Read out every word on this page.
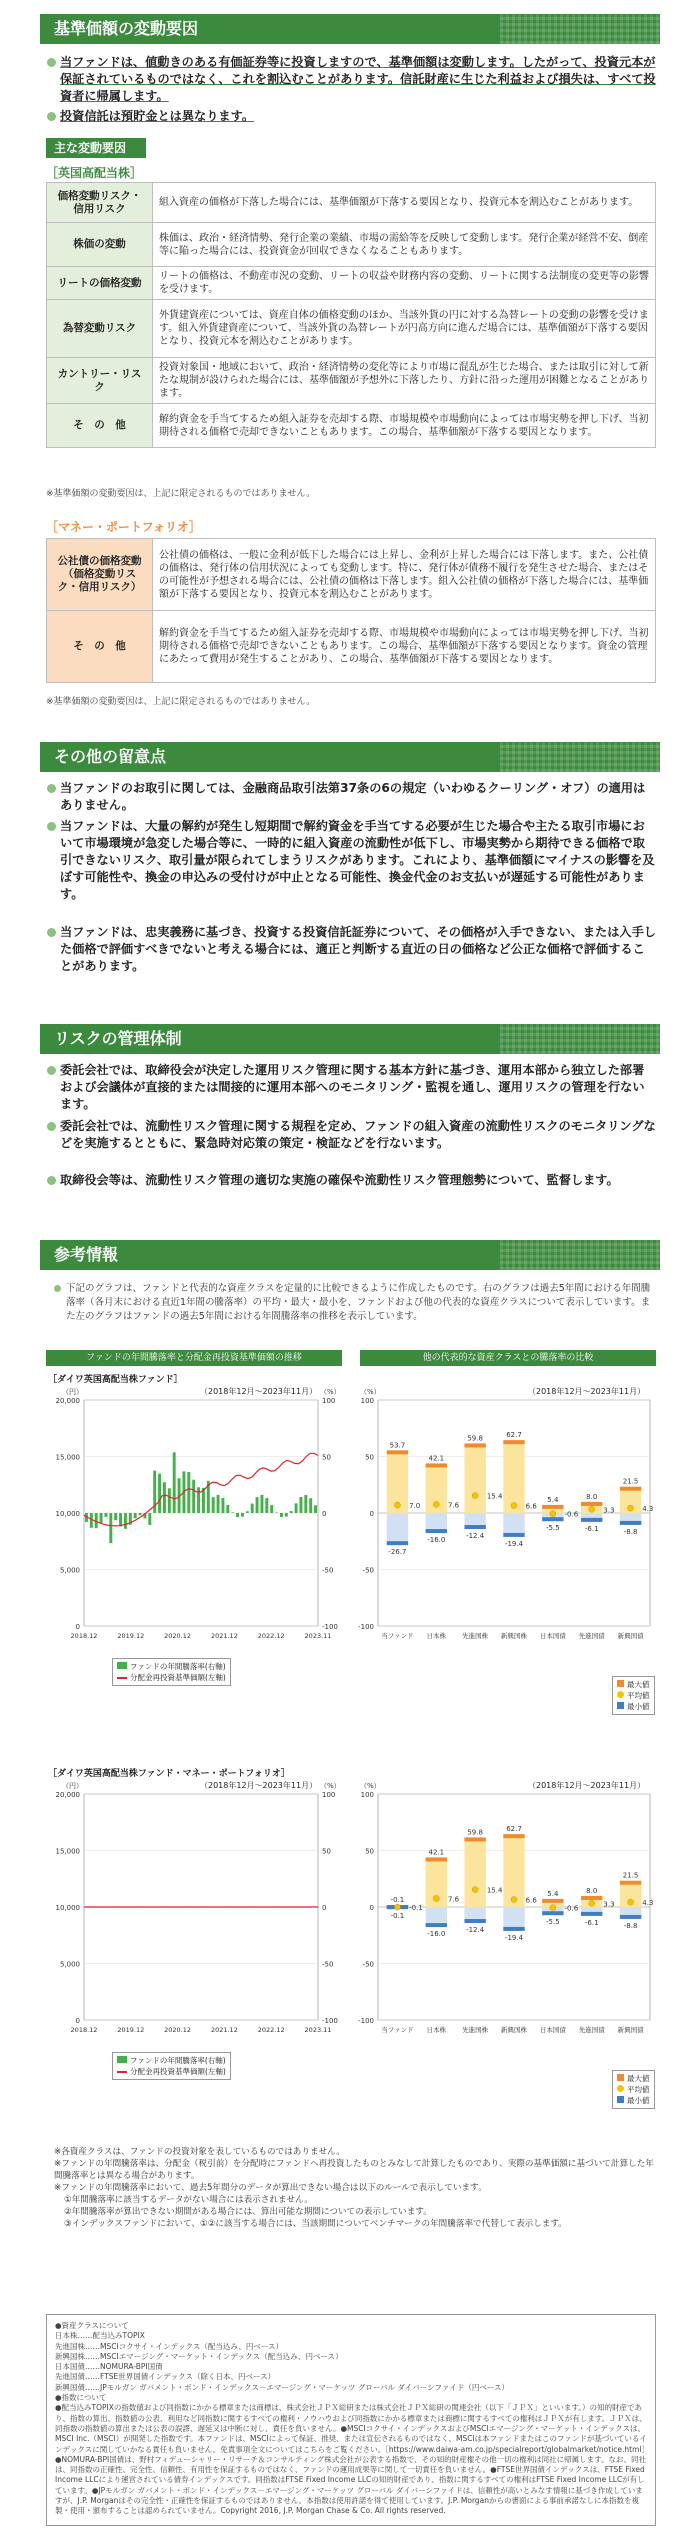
基準価額の変動要因
当ファンドは、値動きのある有価証券等に投資しますので、基準価額は変動します。したがって、投資元本が保証されているものではなく、これを割込むことがあります。信託財産に生じた利益および損失は、すべて投資者に帰属します。
投資信託は預貯金とは異なります。
主な変動要因
［英国高配当株］
価格変動リスク・信用リスク	組入資産の価格が下落した場合には、基準価額が下落する要因となり、投資元本を割込むことがあります。
株価の変動	株価は、政治・経済情勢、発行企業の業績、市場の需給等を反映して変動します。発行企業が経営不安、倒産等に陥った場合には、投資資金が回収できなくなることもあります。
リートの価格変動	リートの価格は、不動産市況の変動、リートの収益や財務内容の変動、リートに関する法制度の変更等の影響を受けます。
為替変動リスク	外貨建資産については、資産自体の価格変動のほか、当該外貨の円に対する為替レートの変動の影響を受けます。組入外貨建資産について、当該外貨の為替レートが円高方向に進んだ場合には、基準価額が下落する要因となり、投資元本を割込むことがあります。
カントリー・リスク	投資対象国・地域において、政治・経済情勢の変化等により市場に混乱が生じた場合、または取引に対して新たな規制が設けられた場合には、基準価額が予想外に下落したり、方針に沿った運用が困難となることがあります。
そ　の　他	解約資金を手当てするため組入証券を売却する際、市場規模や市場動向によっては市場実勢を押し下げ、当初期待される価格で売却できないこともあります。この場合、基準価額が下落する要因となります。
※基準価額の変動要因は、上記に限定されるものではありません。
［マネー・ポートフォリオ］
公社債の価格変動（価格変動リスク・信用リスク）	公社債の価格は、一般に金利が低下した場合には上昇し、金利が上昇した場合には下落します。また、公社債の価格は、発行体の信用状況によっても変動します。特に、発行体が債務不履行を発生させた場合、またはその可能性が予想される場合には、公社債の価格は下落します。組入公社債の価格が下落した場合には、基準価額が下落する要因となり、投資元本を割込むことがあります。
そ　の　他	解約資金を手当てするため組入証券を売却する際、市場規模や市場動向によっては市場実勢を押し下げ、当初期待される価格で売却できないこともあります。この場合、基準価額が下落する要因となります。資金の管理にあたって費用が発生することがあり、この場合、基準価額が下落する要因となります。
※基準価額の変動要因は、上記に限定されるものではありません。
その他の留意点
当ファンドのお取引に関しては、金融商品取引法第37条の6の規定（いわゆるクーリング・オフ）の適用はありません。
当ファンドは、大量の解約が発生し短期間で解約資金を手当てする必要が生じた場合や主たる取引市場において市場環境が急変した場合等に、一時的に組入資産の流動性が低下し、市場実勢から期待できる価格で取引できないリスク、取引量が限られてしまうリスクがあります。これにより、基準価額にマイナスの影響を及ぼす可能性や、換金の申込みの受付けが中止となる可能性、換金代金のお支払いが遅延する可能性があります。
当ファンドは、忠実義務に基づき、投資する投資信託証券について、その価格が入手できない、または入手した価格で評価すべきでないと考える場合には、適正と判断する直近の日の価格など公正な価格で評価することがあります。
リスクの管理体制
委託会社では、取締役会が決定した運用リスク管理に関する基本方針に基づき、運用本部から独立した部署および会議体が直接的または間接的に運用本部へのモニタリング・監視を通し、運用リスクの管理を行ないます。
委託会社では、流動性リスク管理に関する規程を定め、ファンドの組入資産の流動性リスクのモニタリングなどを実施するとともに、緊急時対応策の策定・検証などを行ないます。
取締役会等は、流動性リスク管理の適切な実施の確保や流動性リスク管理態勢について、監督します。
参考情報
下記のグラフは、ファンドと代表的な資産クラスを定量的に比較できるように作成したものです。右のグラフは過去5年間における年間騰落率（各月末における直近1年間の騰落率）の平均・最大・最小を、ファンドおよび他の代表的な資産クラスについて表示しています。また左のグラフはファンドの過去5年間における年間騰落率の推移を表示しています。
ファンドの年間騰落率と分配金再投資基準価額の推移	他の代表的な資産クラスとの騰落率の比較
［ダイワ英国高配当株ファンド］
（2018年12月～2023年11月）	（2018年12月～2023年11月）
［ダイワ英国高配当株ファンド・マネー・ポートフォリオ］
（2018年12月～2023年11月）	（2018年12月～2023年11月）
20,000
15,000
10,000
5,000
0
100
50
0
-50
-100
（円）	（%）
2018.12	2019.12	2020.12	2021.12	2022.12	2023.11
100
50
0
-50
-100
（%）
53.7
7.0
-26.7
当ファンド
42.1
7.6
-16.0
日本株
59.8
15.4
-12.4
先進国株
62.7
6.6
-19.4
新興国株
5.4
-0.6
-5.5
日本国債
8.0
3.3
-6.1
先進国債
21.5
4.3
-8.8
新興国債
20,000
15,000
10,000
5,000
0
100
50
0
-50
-100
（円）	（%）
2018.12	2019.12	2020.12	2021.12	2022.12	2023.11
100
50
0
-50
-100
（%）
-0.1
-0.1
-0.1
当ファンド
42.1
7.6
-16.0
日本株
59.8
15.4
-12.4
先進国株
62.7
6.6
-19.4
新興国株
5.4
-0.6
-5.5
日本国債
8.0
3.3
-6.1
先進国債
21.5
4.3
-8.8
新興国債
ファンドの年間騰落率(右軸)
分配金再投資基準価額(左軸)
ファンドの年間騰落率(右軸)
分配金再投資基準価額(左軸)
最大値
平均値
最小値
最大値
平均値
最小値
※各資産クラスは、ファンドの投資対象を表しているものではありません。
※ファンドの年間騰落率は、分配金（税引前）を分配時にファンドへ再投資したものとみなして計算したものであり、実際の基準価額に基づいて計算した年間騰落率とは異なる場合があります。
※ファンドの年間騰落率において、過去5年間分のデータが算出できない場合は以下のルールで表示しています。
①年間騰落率に該当するデータがない場合には表示されません。
②年間騰落率が算出できない期間がある場合には、算出可能な期間についての表示しています。
③インデックスファンドにおいて、①②に該当する場合には、当該期間についてベンチマークの年間騰落率で代替して表示します。
●資産クラスについて
日本株……配当込みTOPIX
先進国株……MSCIコクサイ・インデックス（配当込み、円ベース）
新興国株……MSCIエマージング・マーケット・インデックス（配当込み、円ベース）
日本国債……NOMURA-BPI国債
先進国債……FTSE世界国債インデックス（除く日本、円ベース）
新興国債……JPモルガン ガバメント・ボンド・インデックス－エマージング・マーケッツ グローバル ダイバーシファイド（円ベース）
●指数について
●配当込みTOPIXの指数値および同指数にかかる標章または商標は、株式会社ＪＰＸ総研または株式会社ＪＰＸ総研の関連会社（以下「ＪＰＸ」といいます。）の知的財産であり、指数の算出、指数値の公表、利用など同指数に関するすべての権利・ノウハウおよび同指数にかかる標章または商標に関するすべての権利はＪＰＸが有します。ＪＰＸは、同指数の指数値の算出または公表の誤謬、遅延又は中断に対し、責任を負いません。●MSCIコクサイ・インデックスおよびMSCIエマージング・マーケット・インデックスは、MSCI Inc.（MSCI）が開発した指数です。本ファンドは、MSCIによって保証、推奨、または宣伝されるものではなく、MSCIは本ファンドまたはこのファンドが基づいているインデックスに関していかなる責任も負いません。免責事項全文についてはこちらをご覧ください。［https://www.daiwa-am.co.jp/specialreport/globalmarket/notice.html］●NOMURA-BPI国債は、野村フィデューシャリー・リサーチ＆コンサルティング株式会社が公表する指数で、その知的財産権その他一切の権利は同社に帰属します。なお、同社は、同指数の正確性、完全性、信頼性、有用性を保証するものではなく、ファンドの運用成果等に関して一切責任を負いません。●FTSE世界国債インデックスは、FTSE Fixed Income LLCにより運営されている債券インデックスです。同指数はFTSE Fixed Income LLCの知的財産であり、指数に関するすべての権利はFTSE Fixed Income LLCが有しています。●JPモルガン ガバメント・ボンド・インデックス－エマージング・マーケッツ グローバル ダイバーシファイドは、信頼性が高いとみなす情報に基づき作成していますが、J.P. Morganはその完全性・正確性を保証するものではありません。本指数は使用許諾を得て使用しています。J.P. Morganからの書面による事前承諾なしに本指数を複製・使用・頒布することは認められていません。Copyright 2016, J.P. Morgan Chase & Co. All rights reserved.
